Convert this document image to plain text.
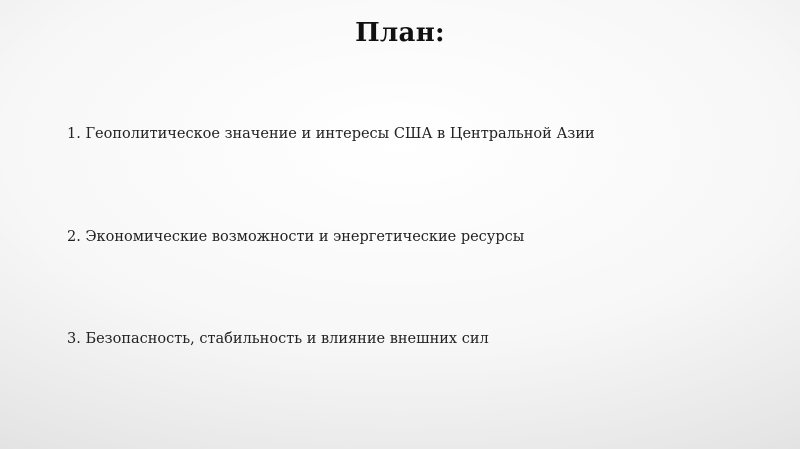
План:
1. Геополитическое значение и интересы США в Центральной Азии
2. Экономические возможности и энергетические ресурсы
3. Безопасность, стабильность и влияние внешних сил
